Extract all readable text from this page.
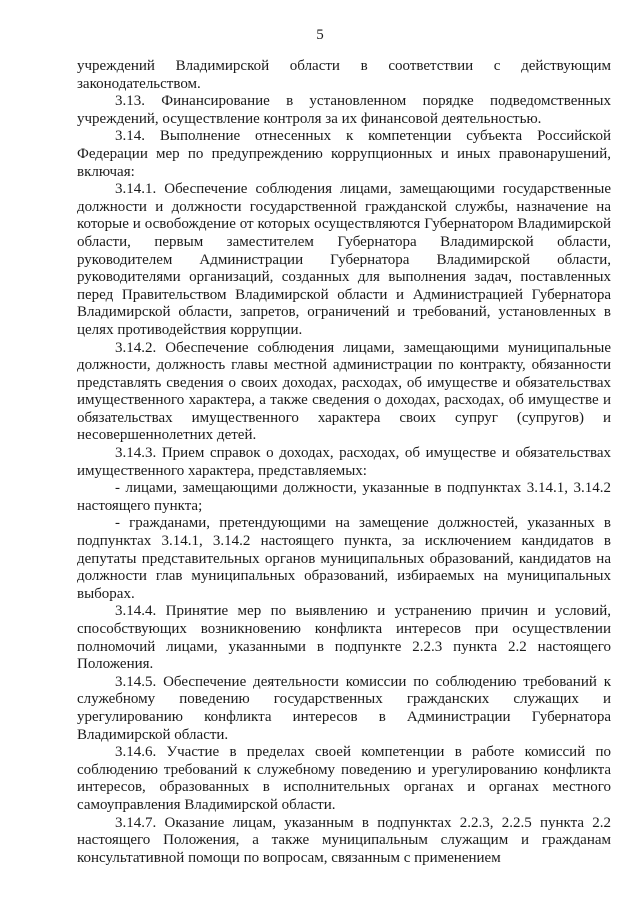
5

учреждений Владимирской области в соответствии с действующим законодательством.

3.13. Финансирование в установленном порядке подведомственных учреждений, осуществление контроля за их финансовой деятельностью.

3.14. Выполнение отнесенных к компетенции субъекта Российской Федерации мер по предупреждению коррупционных и иных правонарушений, включая:

3.14.1. Обеспечение соблюдения лицами, замещающими государственные должности и должности государственной гражданской службы, назначение на которые и освобождение от которых осуществляются Губернатором Владимирской области, первым заместителем Губернатора Владимирской области, руководителем Администрации Губернатора Владимирской области, руководителями организаций, созданных для выполнения задач, поставленных перед Правительством Владимирской области и Администрацией Губернатора Владимирской области, запретов, ограничений и требований, установленных в целях противодействия коррупции.

3.14.2. Обеспечение соблюдения лицами, замещающими муниципальные должности, должность главы местной администрации по контракту, обязанности представлять сведения о своих доходах, расходах, об имуществе и обязательствах имущественного характера, а также сведения о доходах, расходах, об имуществе и обязательствах имущественного характера своих супруг (супругов) и несовершеннолетних детей.

3.14.3. Прием справок о доходах, расходах, об имуществе и обязательствах имущественного характера, представляемых:

- лицами, замещающими должности, указанные в подпунктах 3.14.1, 3.14.2 настоящего пункта;

- гражданами, претендующими на замещение должностей, указанных в подпунктах 3.14.1, 3.14.2 настоящего пункта, за исключением кандидатов в депутаты представительных органов муниципальных образований, кандидатов на должности глав муниципальных образований, избираемых на муниципальных выборах.

3.14.4. Принятие мер по выявлению и устранению причин и условий, способствующих возникновению конфликта интересов при осуществлении полномочий лицами, указанными в подпункте 2.2.3 пункта 2.2 настоящего Положения.

3.14.5. Обеспечение деятельности комиссии по соблюдению требований к служебному поведению государственных гражданских служащих и урегулированию конфликта интересов в Администрации Губернатора Владимирской области.

3.14.6. Участие в пределах своей компетенции в работе комиссий по соблюдению требований к служебному поведению и урегулированию конфликта интересов, образованных в исполнительных органах и органах местного самоуправления Владимирской области.

3.14.7. Оказание лицам, указанным в подпунктах 2.2.3, 2.2.5 пункта 2.2 настоящего Положения, а также муниципальным служащим и гражданам консультативной помощи по вопросам, связанным с применением
